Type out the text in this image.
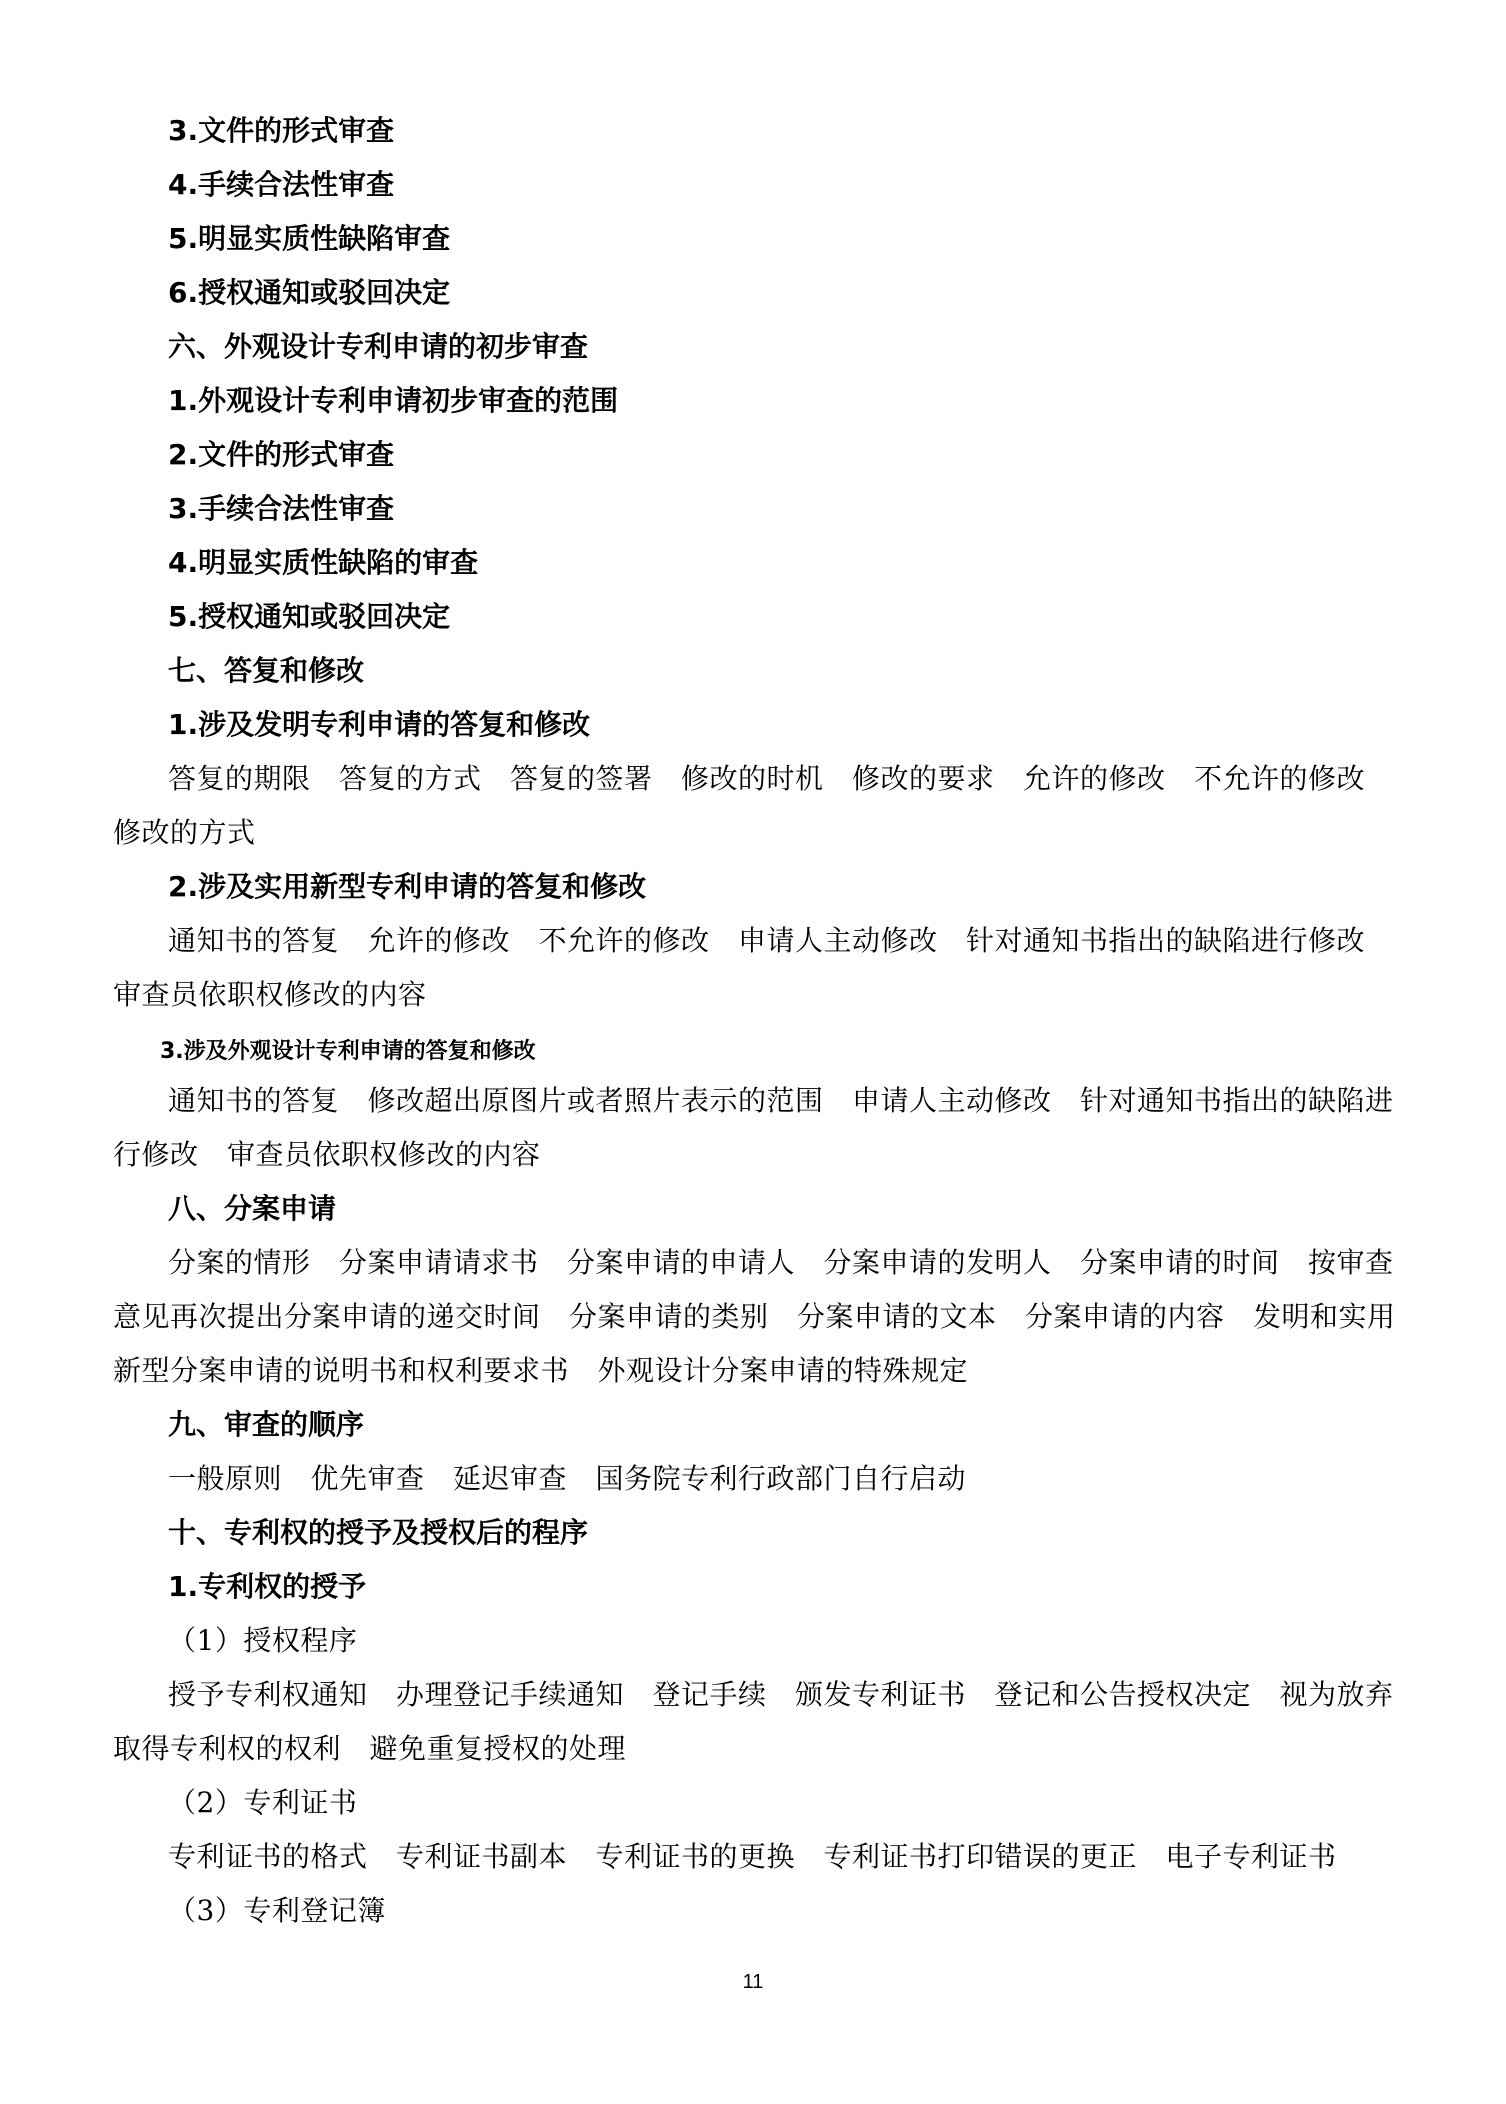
3.文件的形式审查
4.手续合法性审查
5.明显实质性缺陷审查
6.授权通知或驳回决定
六、外观设计专利申请的初步审查
1.外观设计专利申请初步审查的范围
2.文件的形式审查
3.手续合法性审查
4.明显实质性缺陷的审查
5.授权通知或驳回决定
七、答复和修改
1.涉及发明专利申请的答复和修改
答复的期限　答复的方式　答复的签署　修改的时机　修改的要求　允许的修改　不允许的修改
修改的方式
2.涉及实用新型专利申请的答复和修改
通知书的答复　允许的修改　不允许的修改　申请人主动修改　针对通知书指出的缺陷进行修改
审查员依职权修改的内容
3.涉及外观设计专利申请的答复和修改
通知书的答复　修改超出原图片或者照片表示的范围　申请人主动修改　针对通知书指出的缺陷进
行修改　审查员依职权修改的内容
八、分案申请
分案的情形　分案申请请求书　分案申请的申请人　分案申请的发明人　分案申请的时间　按审查
意见再次提出分案申请的递交时间　分案申请的类别　分案申请的文本　分案申请的内容　发明和实用
新型分案申请的说明书和权利要求书　外观设计分案申请的特殊规定
九、审查的顺序
一般原则　优先审查　延迟审查　国务院专利行政部门自行启动
十、专利权的授予及授权后的程序
1.专利权的授予
（1）授权程序
授予专利权通知　办理登记手续通知　登记手续　颁发专利证书　登记和公告授权决定　视为放弃
取得专利权的权利　避免重复授权的处理
（2）专利证书
专利证书的格式　专利证书副本　专利证书的更换　专利证书打印错误的更正　电子专利证书
（3）专利登记簿
11
